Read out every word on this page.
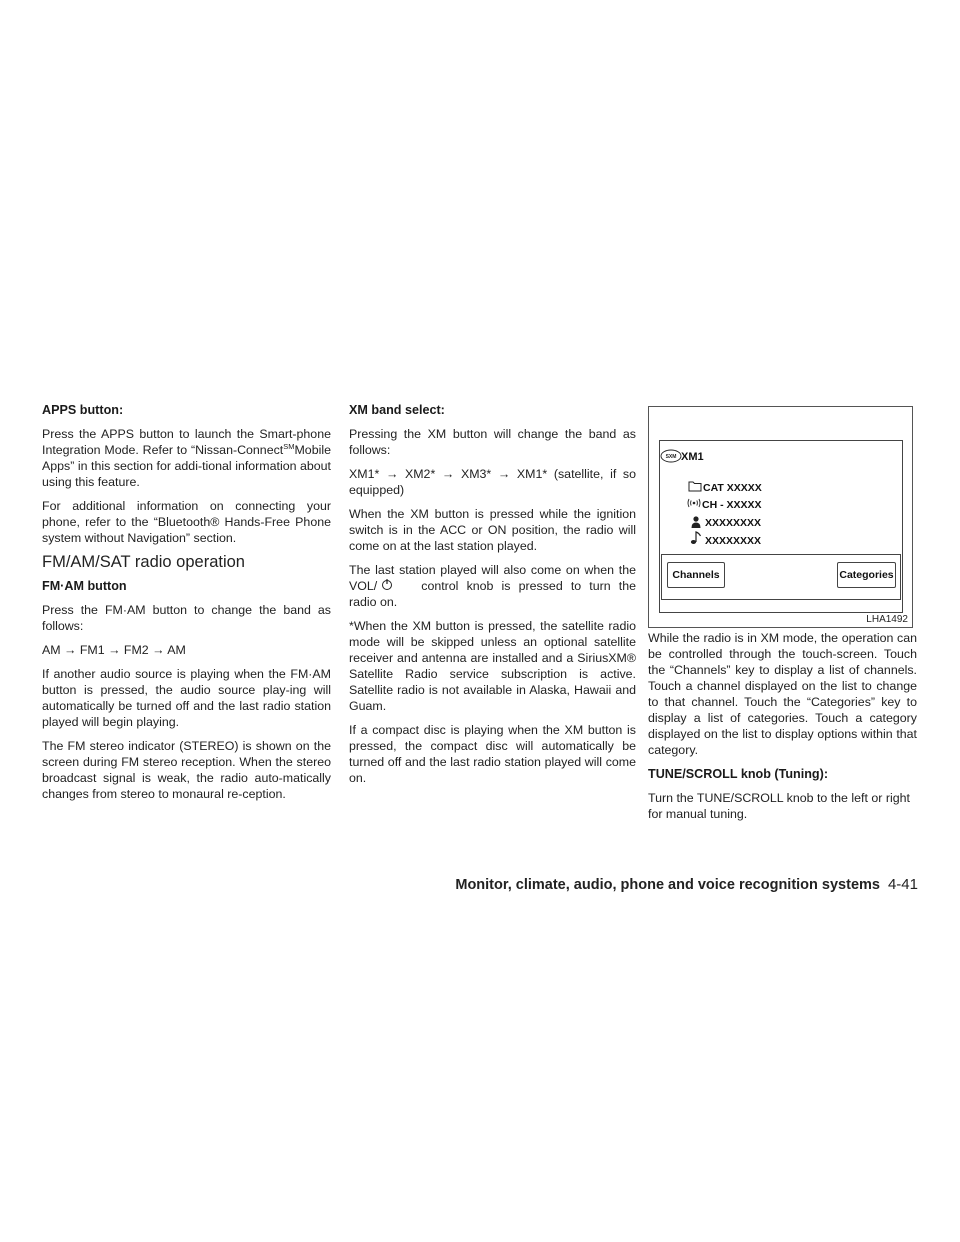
APPS button:

Press the APPS button to launch the Smart-phone Integration Mode. Refer to “Nissan-Connect℠Mobile Apps” in this section for addi-tional information about using this feature.

For additional information on connecting your phone, refer to the “Bluetooth® Hands-Free Phone system without Navigation” section.

FM/AM/SAT radio operation
FM·AM button

Press the FM·AM button to change the band as follows:

AM → FM1 → FM2 → AM

If another audio source is playing when the FM·AM button is pressed, the audio source play-ing will automatically be turned off and the last radio station played will begin playing.

The FM stereo indicator (STEREO) is shown on the screen during FM stereo reception. When the stereo broadcast signal is weak, the radio auto-matically changes from stereo to monaural re-ception.

XM band select:

Pressing the XM button will change the band as follows:

XM1* → XM2* → XM3* → XM1* (satellite, if so equipped)

When the XM button is pressed while the ignition switch is in the ACC or ON position, the radio will come on at the last station played.

The last station played will also come on when the VOL/	control knob is pressed to turn the radio on.

*When the XM button is pressed, the satellite radio mode will be skipped unless an optional satellite receiver and antenna are installed and a SiriusXM® Satellite Radio service subscription is active. Satellite radio is not available in Alaska, Hawaii and Guam.

If a compact disc is playing when the XM button is pressed, the compact disc will automatically be turned off and the last radio station played will come on.

SXM XM1
CAT XXXXX
CH - XXXXX
XXXXXXXX
XXXXXXXX
Channels	Categories
LHA1492

While the radio is in XM mode, the operation can be controlled through the touch-screen. Touch the “Channels” key to display a list of channels. Touch a channel displayed on the list to change to that channel. Touch the “Categories” key to display a list of categories. Touch a category displayed on the list to display options within that category.

TUNE/SCROLL knob (Tuning):

Turn the TUNE/SCROLL knob to the left or right for manual tuning.

Monitor, climate, audio, phone and voice recognition systems 4-41
